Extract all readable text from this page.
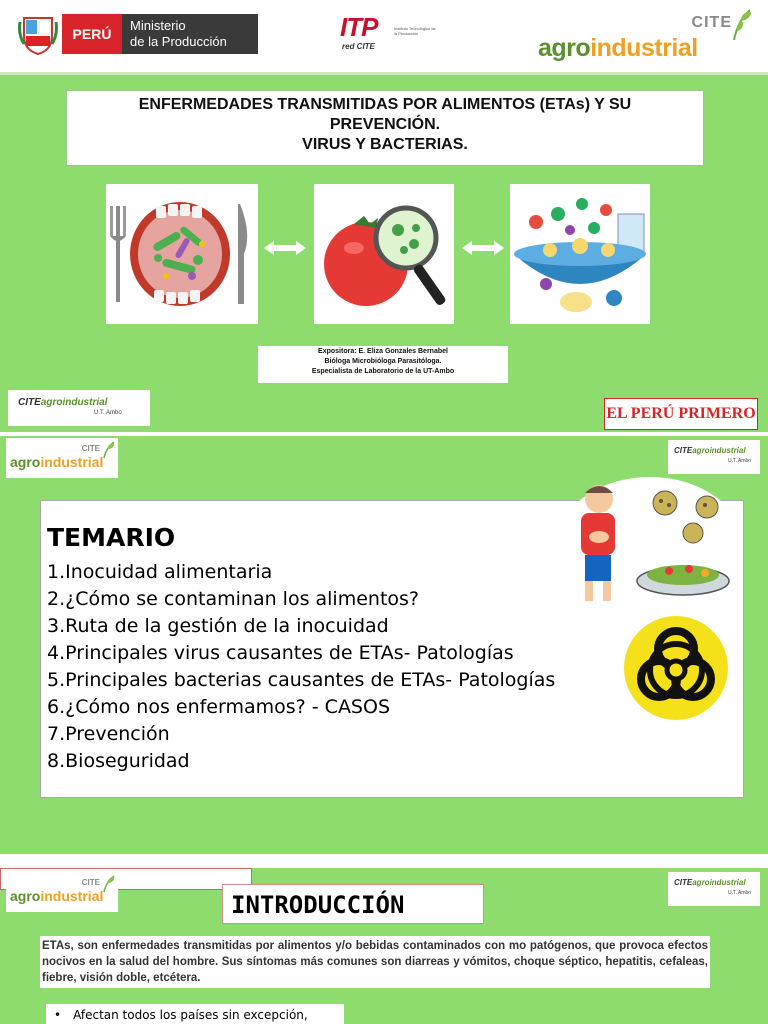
PERÚ
Ministerio
de la Producción	ITP
red CITE
Instituto Tecnológico de la Producción
CITE
agroindustrial
ENFERMEDADES TRANSMITIDAS POR ALIMENTOS (ETAs) Y SU
PREVENCIÓN.
VIRUS Y BACTERIAS.
Expositora: E. Eliza Gonzales Bernabel
Bióloga Microbióloga Parasitóloga.
Especialista de Laboratorio de la UT-Ambo
CITEagroindustrial
U.T. Ambo	EL PERÚ PRIMERO
CITE
agroindustrial
CITEagroindustrial
U.T. Ambo
TEMARIO
1.Inocuidad alimentaria
2.¿Cómo se contaminan los alimentos?
3.Ruta de la gestión de la inocuidad
4.Principales virus causantes de ETAs- Patologías
5.Principales bacterias causantes de ETAs- Patologías
6.¿Cómo nos enfermamos? - CASOS
7.Prevención
8.Bioseguridad
CITE
agroindustrial
CITEagroindustrial
U.T. Ambo
INTRODUCCIÓN
ETAs, son enfermedades transmitidas por alimentos y/o bebidas contaminados con mo patógenos, que provoca efectos nocivos en la salud del hombre. Sus síntomas más comunes son diarreas y vómitos, choque séptico, hepatitis, cefaleas, fiebre, visión doble, etcétera.
• Afectan todos los países sin excepción,
